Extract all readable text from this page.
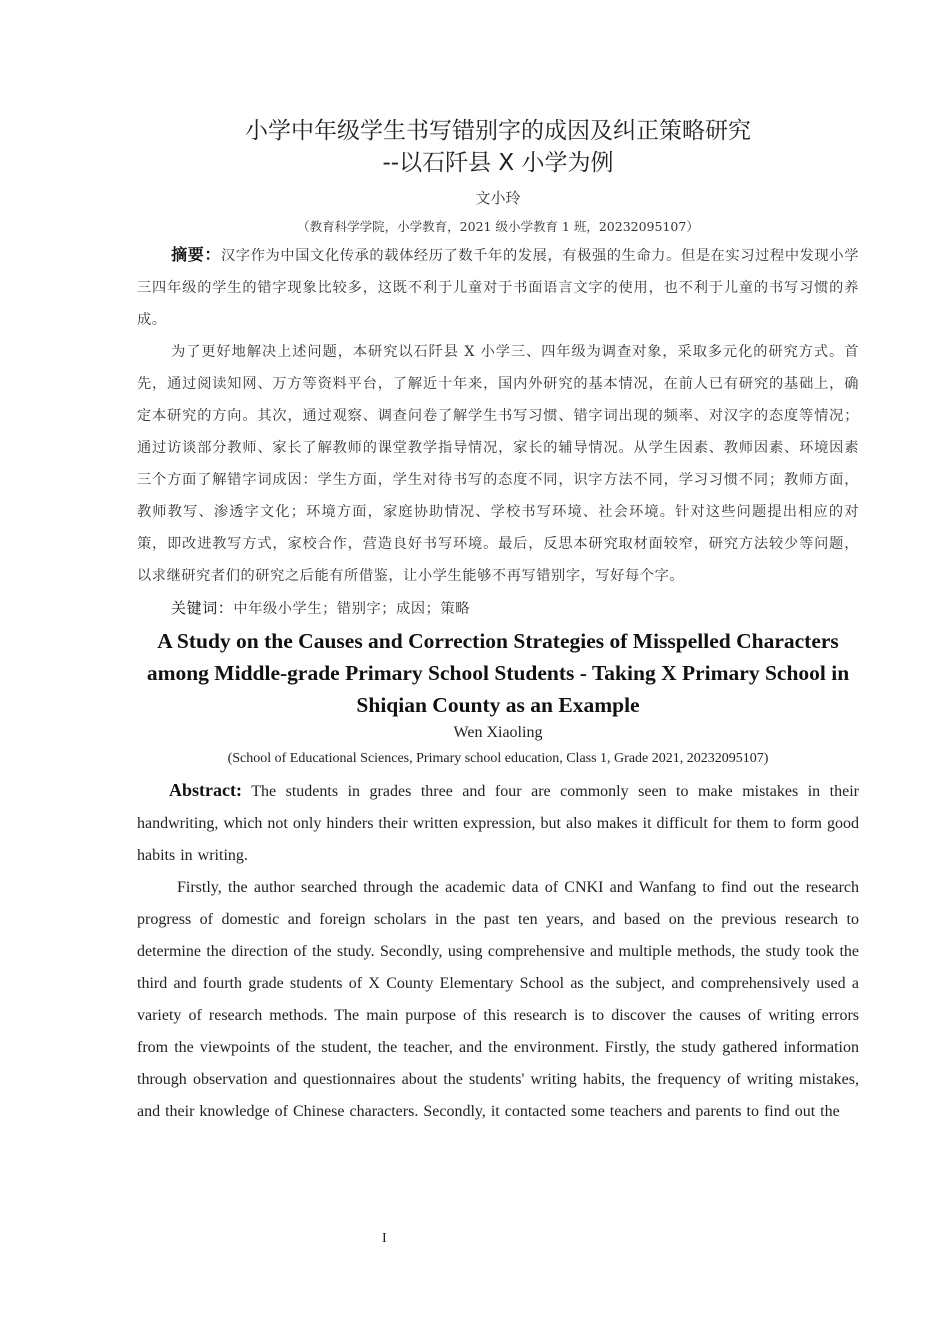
小学中年级学生书写错别字的成因及纠正策略研究
--以石阡县 X 小学为例
文小玲
（教育科学学院，小学教育，2021 级小学教育 1 班，20232095107）

摘要：汉字作为中国文化传承的载体经历了数千年的发展，有极强的生命力。但是在实习过程中发现小学三四年级的学生的错字现象比较多，这既不利于儿童对于书面语言文字的使用，也不利于儿童的书写习惯的养成。

为了更好地解决上述问题，本研究以石阡县 X 小学三、四年级为调查对象，采取多元化的研究方式。首先，通过阅读知网、万方等资料平台，了解近十年来，国内外研究的基本情况，在前人已有研究的基础上，确定本研究的方向。其次，通过观察、调查问卷了解学生书写习惯、错字词出现的频率、对汉字的态度等情况；通过访谈部分教师、家长了解教师的课堂教学指导情况，家长的辅导情况。从学生因素、教师因素、环境因素三个方面了解错字词成因：学生方面，学生对待书写的态度不同，识字方法不同，学习习惯不同；教师方面，教师教写、渗透字文化；环境方面，家庭协助情况、学校书写环境、社会环境。针对这些问题提出相应的对策，即改进教写方式，家校合作，营造良好书写环境。最后，反思本研究取材面较窄，研究方法较少等问题，以求继研究者们的研究之后能有所借鉴，让小学生能够不再写错别字，写好每个字。

关键词：中年级小学生；错别字；成因；策略
A Study on the Causes and Correction Strategies of Misspelled Characters among Middle-grade Primary School Students - Taking X Primary School in Shiqian County as an Example
Wen Xiaoling
(School of Educational Sciences, Primary school education, Class 1, Grade 2021, 20232095107)

Abstract: The students in grades three and four are commonly seen to make mistakes in their handwriting, which not only hinders their written expression, but also makes it difficult for them to form good habits in writing.

Firstly, the author searched through the academic data of CNKI and Wanfang to find out the research progress of domestic and foreign scholars in the past ten years, and based on the previous research to determine the direction of the study. Secondly, using comprehensive and multiple methods, the study took the third and fourth grade students of X County Elementary School as the subject, and comprehensively used a variety of research methods. The main purpose of this research is to discover the causes of writing errors from the viewpoints of the student, the teacher, and the environment. Firstly, the study gathered information through observation and questionnaires about the students' writing habits, the frequency of writing mistakes, and their knowledge of Chinese characters. Secondly, it contacted some teachers and parents to find out the

I
